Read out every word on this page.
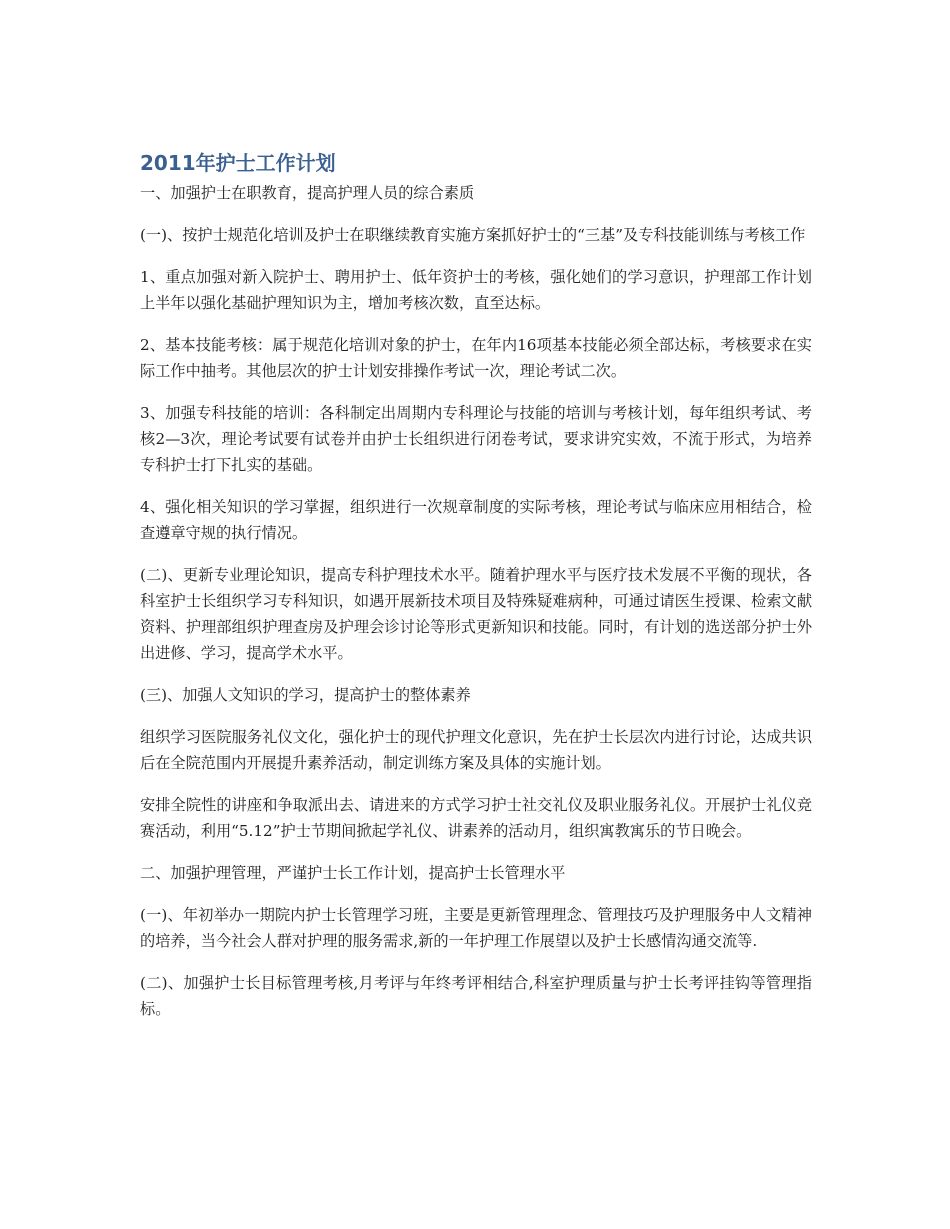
2011年护士工作计划

一、加强护士在职教育，提高护理人员的综合素质

(一)、按护士规范化培训及护士在职继续教育实施方案抓好护士的“三基”及专科技能训练与考核工作

1、重点加强对新入院护士、聘用护士、低年资护士的考核，强化她们的学习意识，护理部工作计划上半年以强化基础护理知识为主，增加考核次数，直至达标。

2、基本技能考核：属于规范化培训对象的护士，在年内16项基本技能必须全部达标，考核要求在实际工作中抽考。其他层次的护士计划安排操作考试一次，理论考试二次。

3、加强专科技能的培训：各科制定出周期内专科理论与技能的培训与考核计划，每年组织考试、考核2—3次，理论考试要有试卷并由护士长组织进行闭卷考试，要求讲究实效，不流于形式，为培养专科护士打下扎实的基础。

4、强化相关知识的学习掌握，组织进行一次规章制度的实际考核，理论考试与临床应用相结合，检查遵章守规的执行情况。

(二)、更新专业理论知识，提高专科护理技术水平。随着护理水平与医疗技术发展不平衡的现状，各科室护士长组织学习专科知识，如遇开展新技术项目及特殊疑难病种，可通过请医生授课、检索文献资料、护理部组织护理查房及护理会诊讨论等形式更新知识和技能。同时，有计划的选送部分护士外出进修、学习，提高学术水平。

(三)、加强人文知识的学习，提高护士的整体素养

组织学习医院服务礼仪文化，强化护士的现代护理文化意识，先在护士长层次内进行讨论，达成共识后在全院范围内开展提升素养活动，制定训练方案及具体的实施计划。

安排全院性的讲座和争取派出去、请进来的方式学习护士社交礼仪及职业服务礼仪。开展护士礼仪竞赛活动，利用“5.12”护士节期间掀起学礼仪、讲素养的活动月，组织寓教寓乐的节日晚会。

二、加强护理管理，严谨护士长工作计划，提高护士长管理水平

(一)、年初举办一期院内护士长管理学习班，主要是更新管理理念、管理技巧及护理服务中人文精神的培养，当今社会人群对护理的服务需求,新的一年护理工作展望以及护士长感情沟通交流等.

(二)、加强护士长目标管理考核,月考评与年终考评相结合,科室护理质量与护士长考评挂钩等管理指标。
